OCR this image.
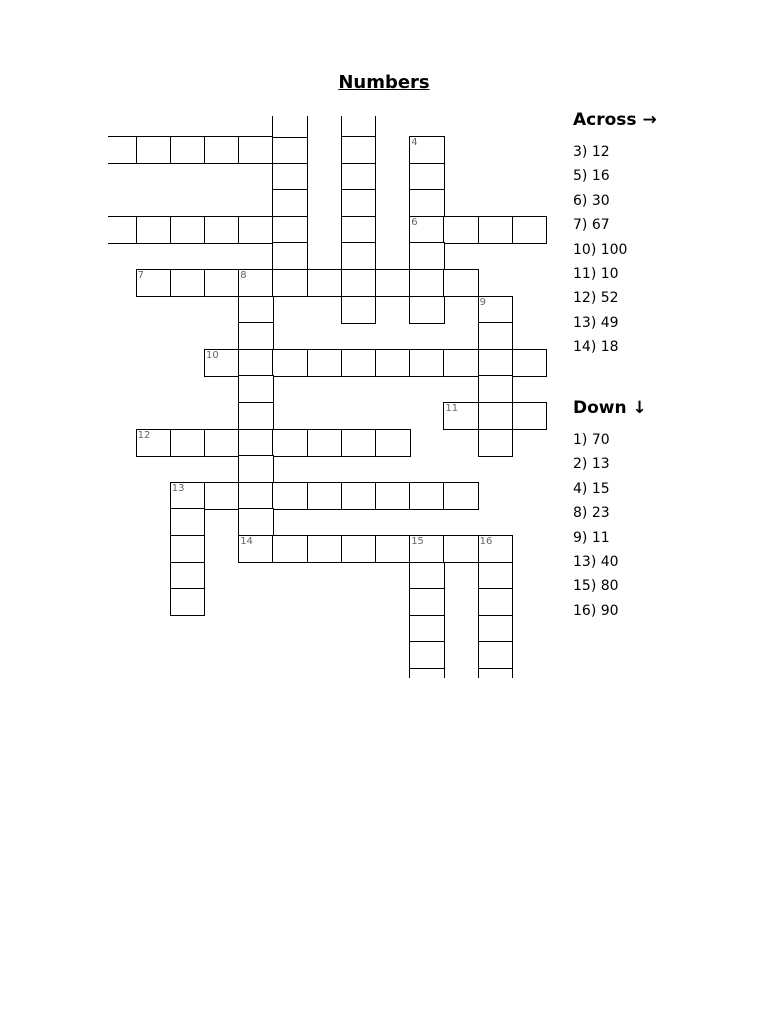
Numbers
6
7	8
10
11
12
13
14	15	16
4
9
Across →
3) 12
5) 16
6) 30
7) 67
10) 100
11) 10
12) 52
13) 49
14) 18
Down ↓
1) 70
2) 13
4) 15
8) 23
9) 11
13) 40
15) 80
16) 90
